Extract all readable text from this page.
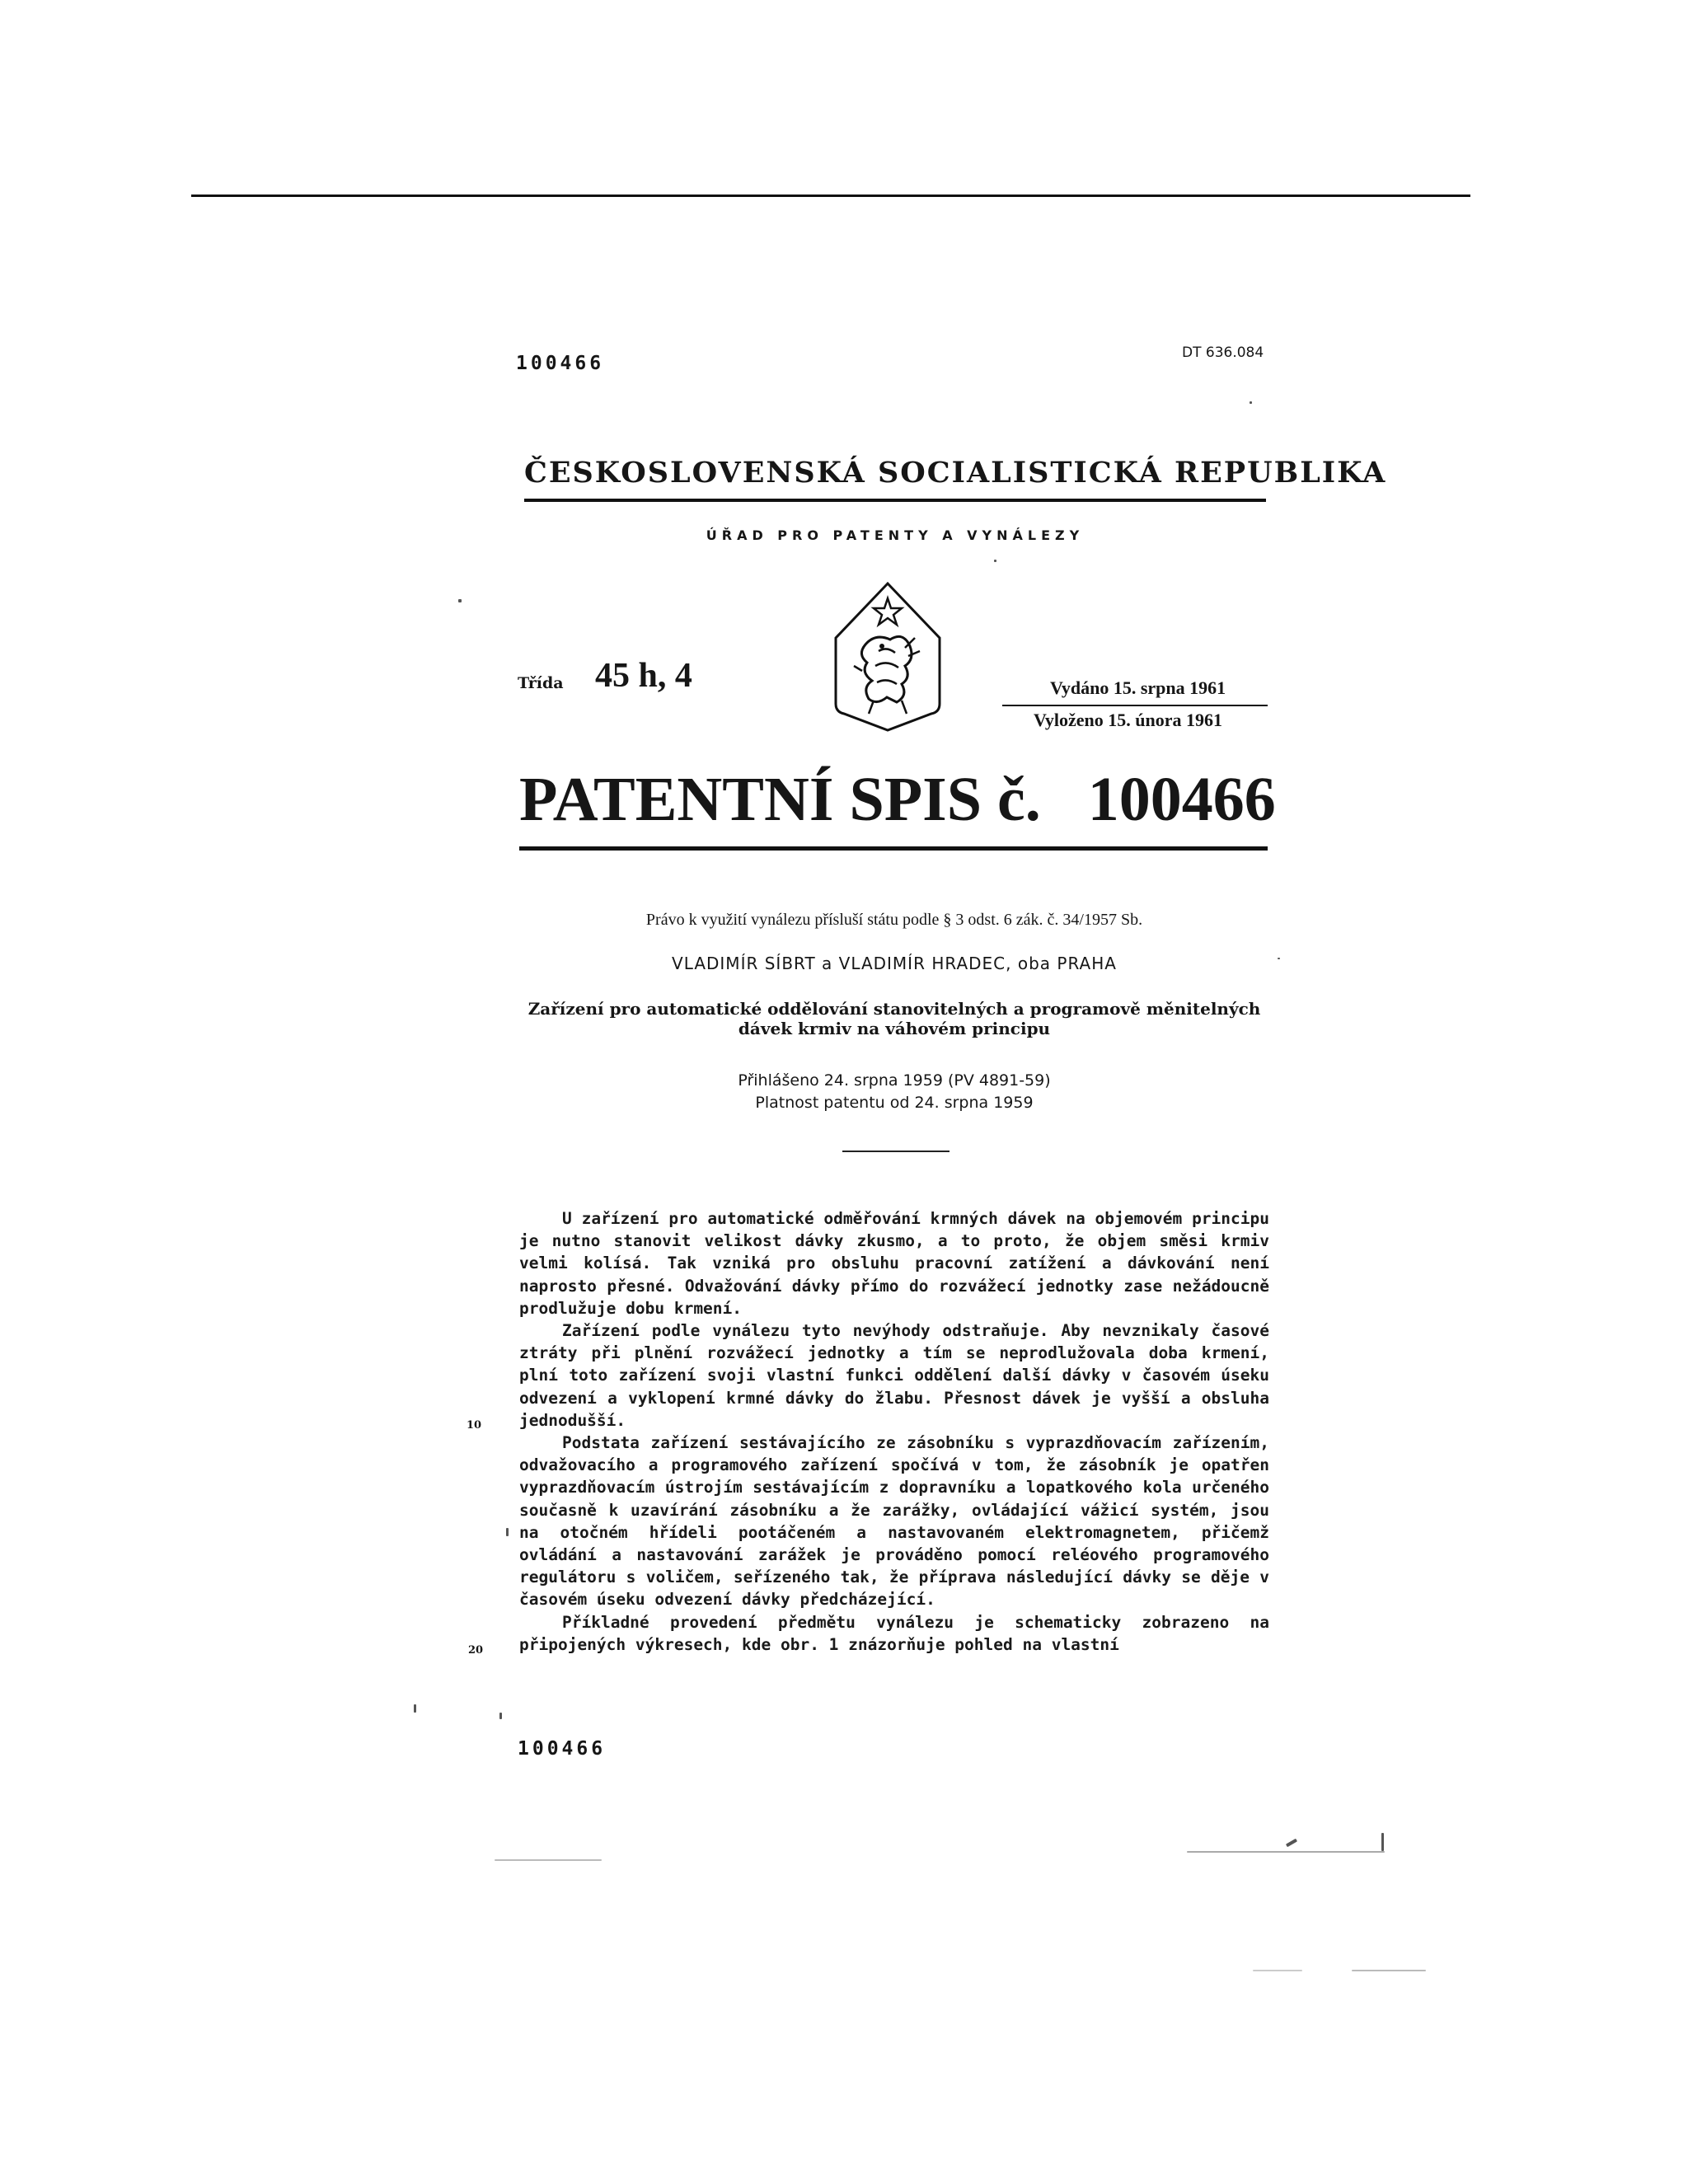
100466	DT 636.084
ČESKOSLOVENSKÁ SOCIALISTICKÁ REPUBLIKA
ÚŘAD PRO PATENTY A VYNÁLEZY
Třída 45 h, 4	Vydáno 15. srpna 1961
Vyloženo 15. února 1961
PATENTNÍ SPIS č.   100466
Právo k využití vynálezu přísluší státu podle § 3 odst. 6 zák. č. 34/1957 Sb.
VLADIMÍR SÍBRT a VLADIMÍR HRADEC, oba PRAHA
Zařízení pro automatické oddělování stanovitelných a programově měnitelných dávek krmiv na váhovém principu
Přihlášeno 24. srpna 1959 (PV 4891-59)
Platnost patentu od 24. srpna 1959

U zařízení pro automatické odměřování krmných dávek na objemovém principu je nutno stanovit velikost dávky zkusmo, a to proto, že objem směsi krmiv velmi kolísá. Tak vzniká pro obsluhu pracovní zatížení a dávkování není naprosto přesné. Odvažování dávky přímo do rozvážecí jednotky zase nežádoucně prodlužuje dobu krmení.

Zařízení podle vynálezu tyto nevýhody odstraňuje. Aby nevznikaly časové ztráty při plnění rozvážecí jednotky a tím se neprodlužovala doba krmení, plní toto zařízení svoji vlastní funkci oddělení další dávky v časovém úseku odvezení a vyklopení krmné dávky do žlabu. Přesnost dávek je vyšší a obsluha jednodušší.

Podstata zařízení sestávajícího ze zásobníku s vyprazdňovacím zařízením, odvažovacího a programového zařízení spočívá v tom, že zásobník je opatřen vyprazdňovacím ústrojím sestávajícím z dopravníku a lopatkového kola určeného současně k uzavírání zásobníku a že zarážky, ovládající vážicí systém, jsou na otočném hřídeli pootáčeném a nastavovaném elektromagnetem, přičemž ovládání a nastavování zarážek je prováděno pomocí reléového programového regulátoru s voličem, seřízeného tak, že příprava následující dávky se děje v časovém úseku odvezení dávky předcházející.

Příkladné provedení předmětu vynálezu je schematicky zobrazeno na připojených výkresech, kde obr. 1 znázorňuje pohled na vlastní

10
20
100466
